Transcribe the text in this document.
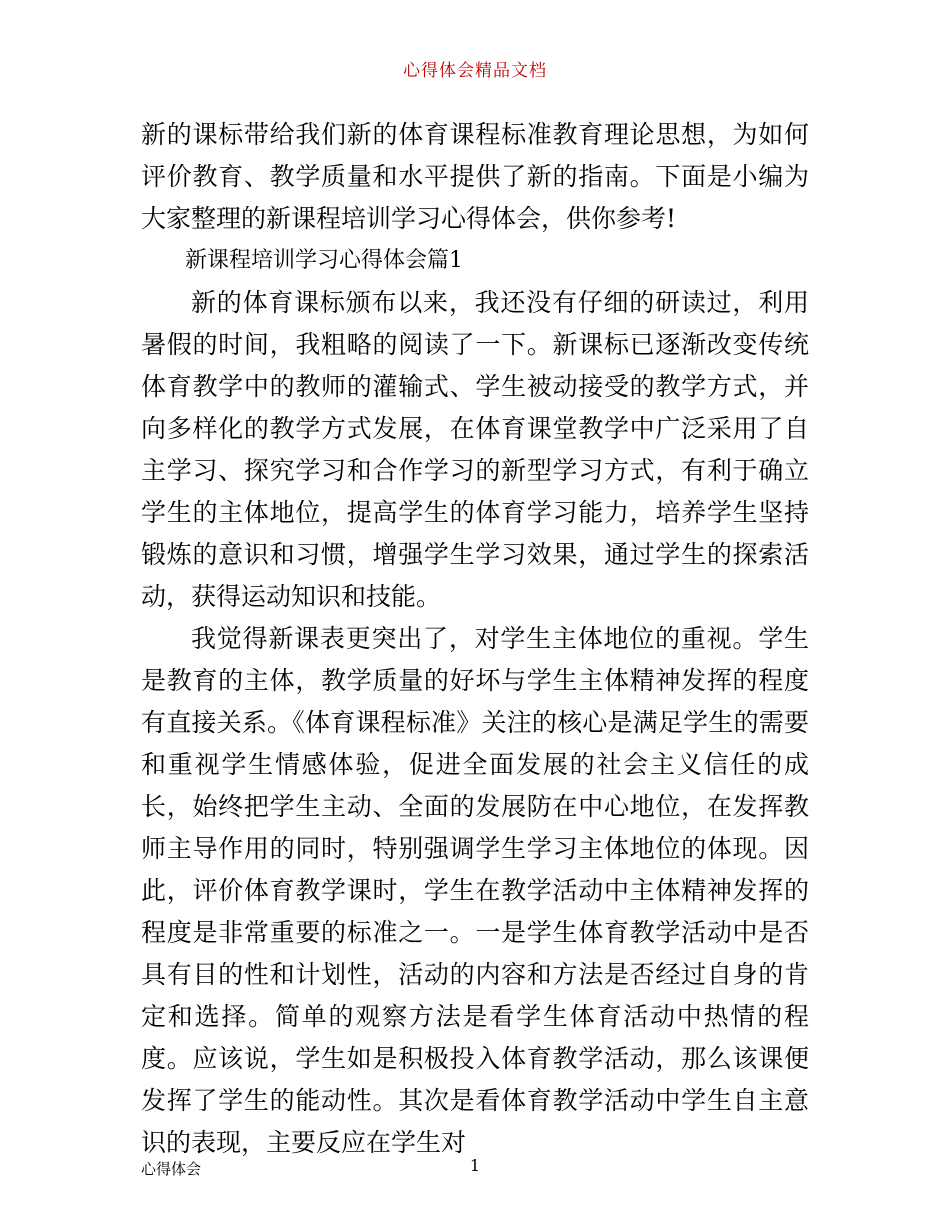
心得体会精品文档

新的课标带给我们新的体育课程标准教育理论思想，为如何评价教育、教学质量和水平提供了新的指南。下面是小编为大家整理的新课程培训学习心得体会，供你参考!

新课程培训学习心得体会篇1

新的体育课标颁布以来，我还没有仔细的研读过，利用暑假的时间，我粗略的阅读了一下。新课标已逐渐改变传统体育教学中的教师的灌输式、学生被动接受的教学方式，并向多样化的教学方式发展，在体育课堂教学中广泛采用了自主学习、探究学习和合作学习的新型学习方式，有利于确立学生的主体地位，提高学生的体育学习能力，培养学生坚持锻炼的意识和习惯，增强学生学习效果，通过学生的探索活动，获得运动知识和技能。

我觉得新课表更突出了，对学生主体地位的重视。学生是教育的主体，教学质量的好坏与学生主体精神发挥的程度有直接关系。《体育课程标准》关注的核心是满足学生的需要和重视学生情感体验，促进全面发展的社会主义信任的成长，始终把学生主动、全面的发展防在中心地位，在发挥教师主导作用的同时，特别强调学生学习主体地位的体现。因此，评价体育教学课时，学生在教学活动中主体精神发挥的程度是非常重要的标准之一。一是学生体育教学活动中是否具有目的性和计划性，活动的内容和方法是否经过自身的肯定和选择。简单的观察方法是看学生体育活动中热情的程度。应该说，学生如是积极投入体育教学活动，那么该课便发挥了学生的能动性。其次是看体育教学活动中学生自主意识的表现，主要反应在学生对

心得体会	1
